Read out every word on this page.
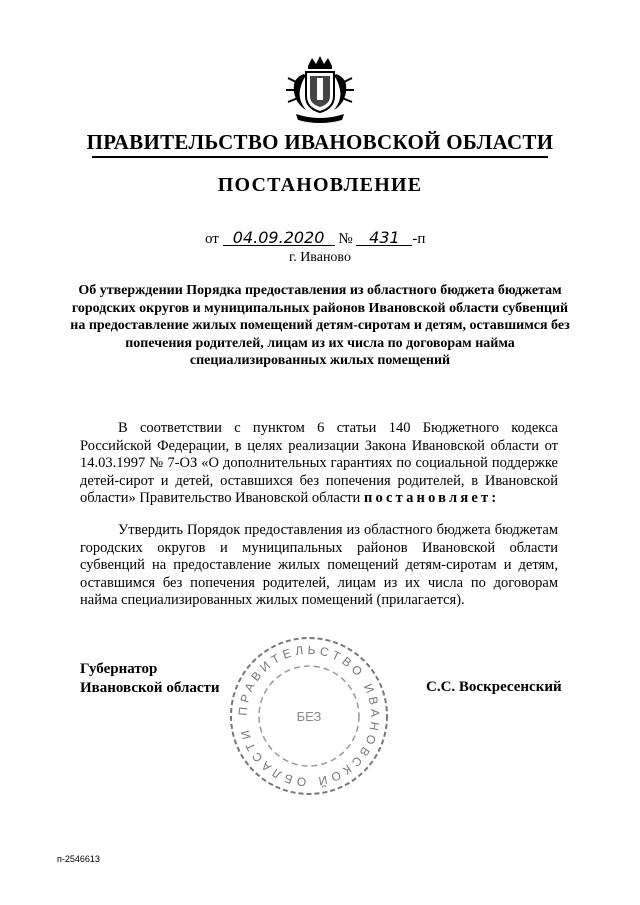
ПРАВИТЕЛЬСТВО ИВАНОВСКОЙ ОБЛАСТИ
ПОСТАНОВЛЕНИЕ
от 04.09.2020 № 431 -п
г. Иваново
Об утверждении Порядка предоставления из областного бюджета бюджетам городских округов и муниципальных районов Ивановской области субвенций на предоставление жилых помещений детям-сиротам и детям, оставшимся без попечения родителей, лицам из их числа по договорам найма специализированных жилых помещений
В соответствии с пунктом 6 статьи 140 Бюджетного кодекса Российской Федерации, в целях реализации Закона Ивановской области от 14.03.1997 № 7-ОЗ «О дополнительных гарантиях по социальной поддержке детей-сирот и детей, оставшихся без попечения родителей, в Ивановской области» Правительство Ивановской области постановляет:
Утвердить Порядок предоставления из областного бюджета бюджетам городских округов и муниципальных районов Ивановской области субвенций на предоставление жилых помещений детям-сиротам и детям, оставшимся без попечения родителей, лицам из их числа по договорам найма специализированных жилых помещений (прилагается).
ПРАВИТЕЛЬСТВО ИВАНОВСКОЙ ОБЛАСТИ
БЕЗ
Губернатор
Ивановской области	С.С. Воскресенский
п-2546613
